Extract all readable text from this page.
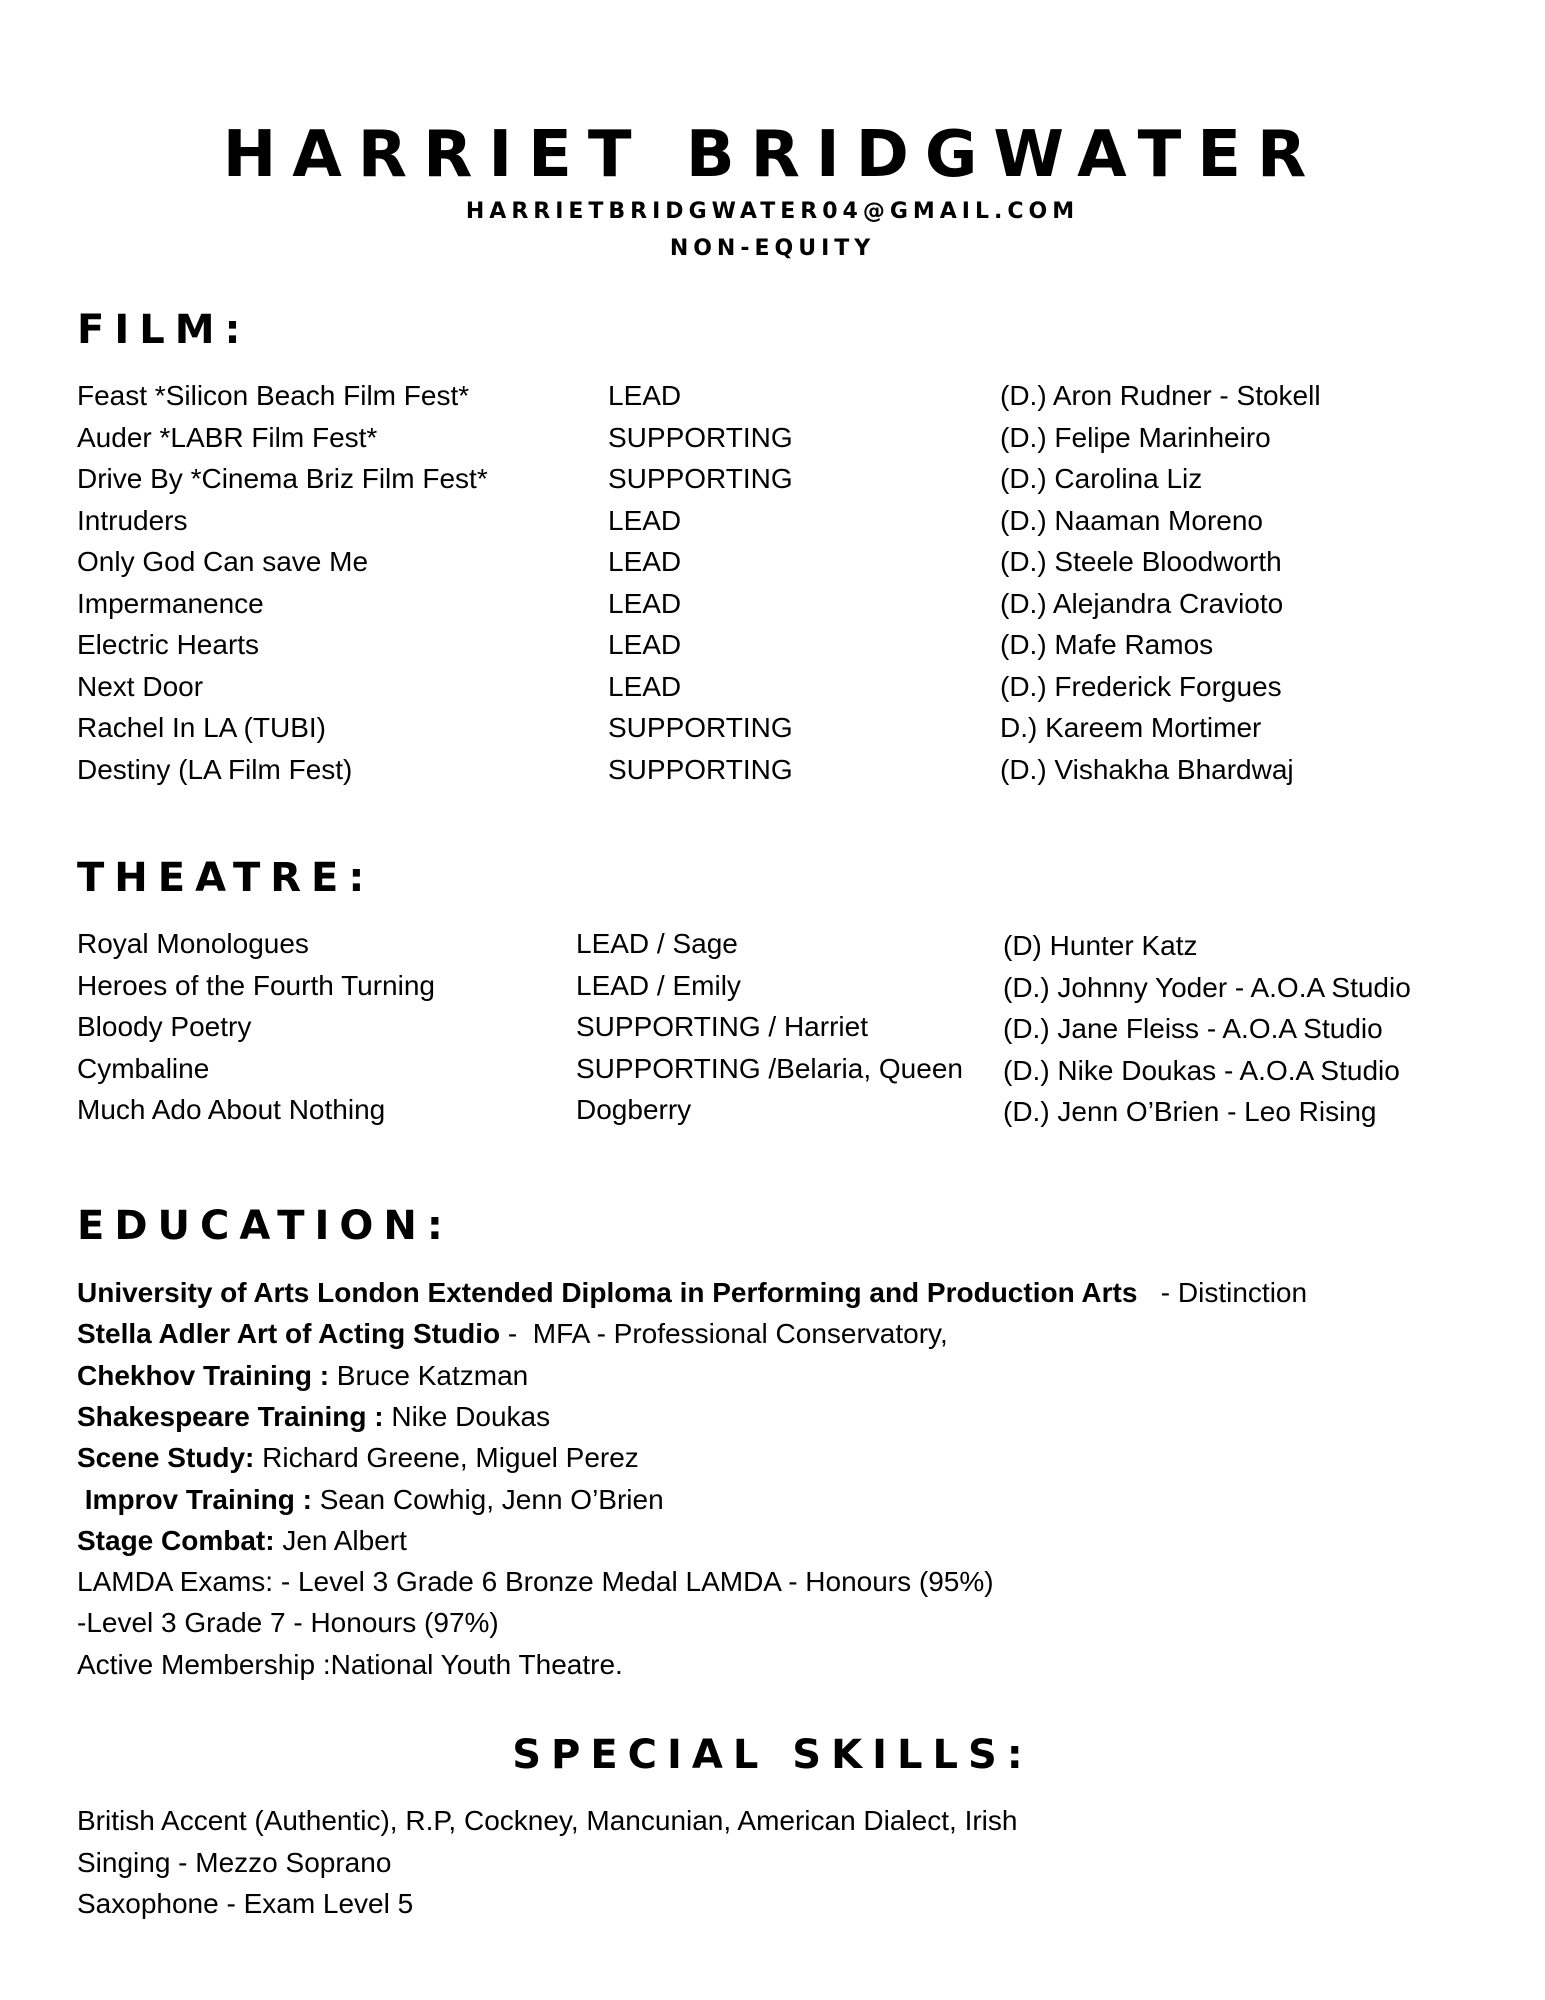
HARRIET BRIDGWATER
HARRIETBRIDGWATER04@GMAIL.COM
NON-EQUITY
FILM:
Feast *Silicon Beach Film Fest*	LEAD	(D.) Aron Rudner - Stokell
Auder *LABR Film Fest*	SUPPORTING	(D.) Felipe Marinheiro
Drive By *Cinema Briz Film Fest*	SUPPORTING	(D.) Carolina Liz
Intruders	LEAD	(D.) Naaman Moreno
Only God Can save Me	LEAD	(D.) Steele Bloodworth
Impermanence	LEAD	(D.) Alejandra Cravioto
Electric Hearts	LEAD	(D.) Mafe Ramos
Next Door	LEAD	(D.) Frederick Forgues
Rachel In LA (TUBI)	SUPPORTING	D.) Kareem Mortimer
Destiny (LA Film Fest)	SUPPORTING	(D.) Vishakha Bhardwaj
THEATRE:
Royal Monologues	LEAD / Sage	(D) Hunter Katz
Heroes of the Fourth Turning	LEAD / Emily	(D.) Johnny Yoder - A.O.A Studio
Bloody Poetry	SUPPORTING / Harriet	(D.) Jane Fleiss - A.O.A Studio
Cymbaline	SUPPORTING /Belaria, Queen (D.) Nike Doukas - A.O.A Studio
Much Ado About Nothing	Dogberry	(D.) Jenn O’Brien - Leo Rising
EDUCATION:
University of Arts London Extended Diploma in Performing and Production Arts   - Distinction
Stella Adler Art of Acting Studio -  MFA - Professional Conservatory,
Chekhov Training : Bruce Katzman
Shakespeare Training : Nike Doukas
Scene Study: Richard Greene, Miguel Perez
Improv Training : Sean Cowhig, Jenn O’Brien
Stage Combat: Jen Albert
LAMDA Exams: - Level 3 Grade 6 Bronze Medal LAMDA - Honours (95%)
-Level 3 Grade 7 - Honours (97%)
Active Membership :National Youth Theatre.
SPECIAL SKILLS:
British Accent (Authentic), R.P, Cockney, Mancunian, American Dialect, Irish
Singing - Mezzo Soprano
Saxophone - Exam Level 5
